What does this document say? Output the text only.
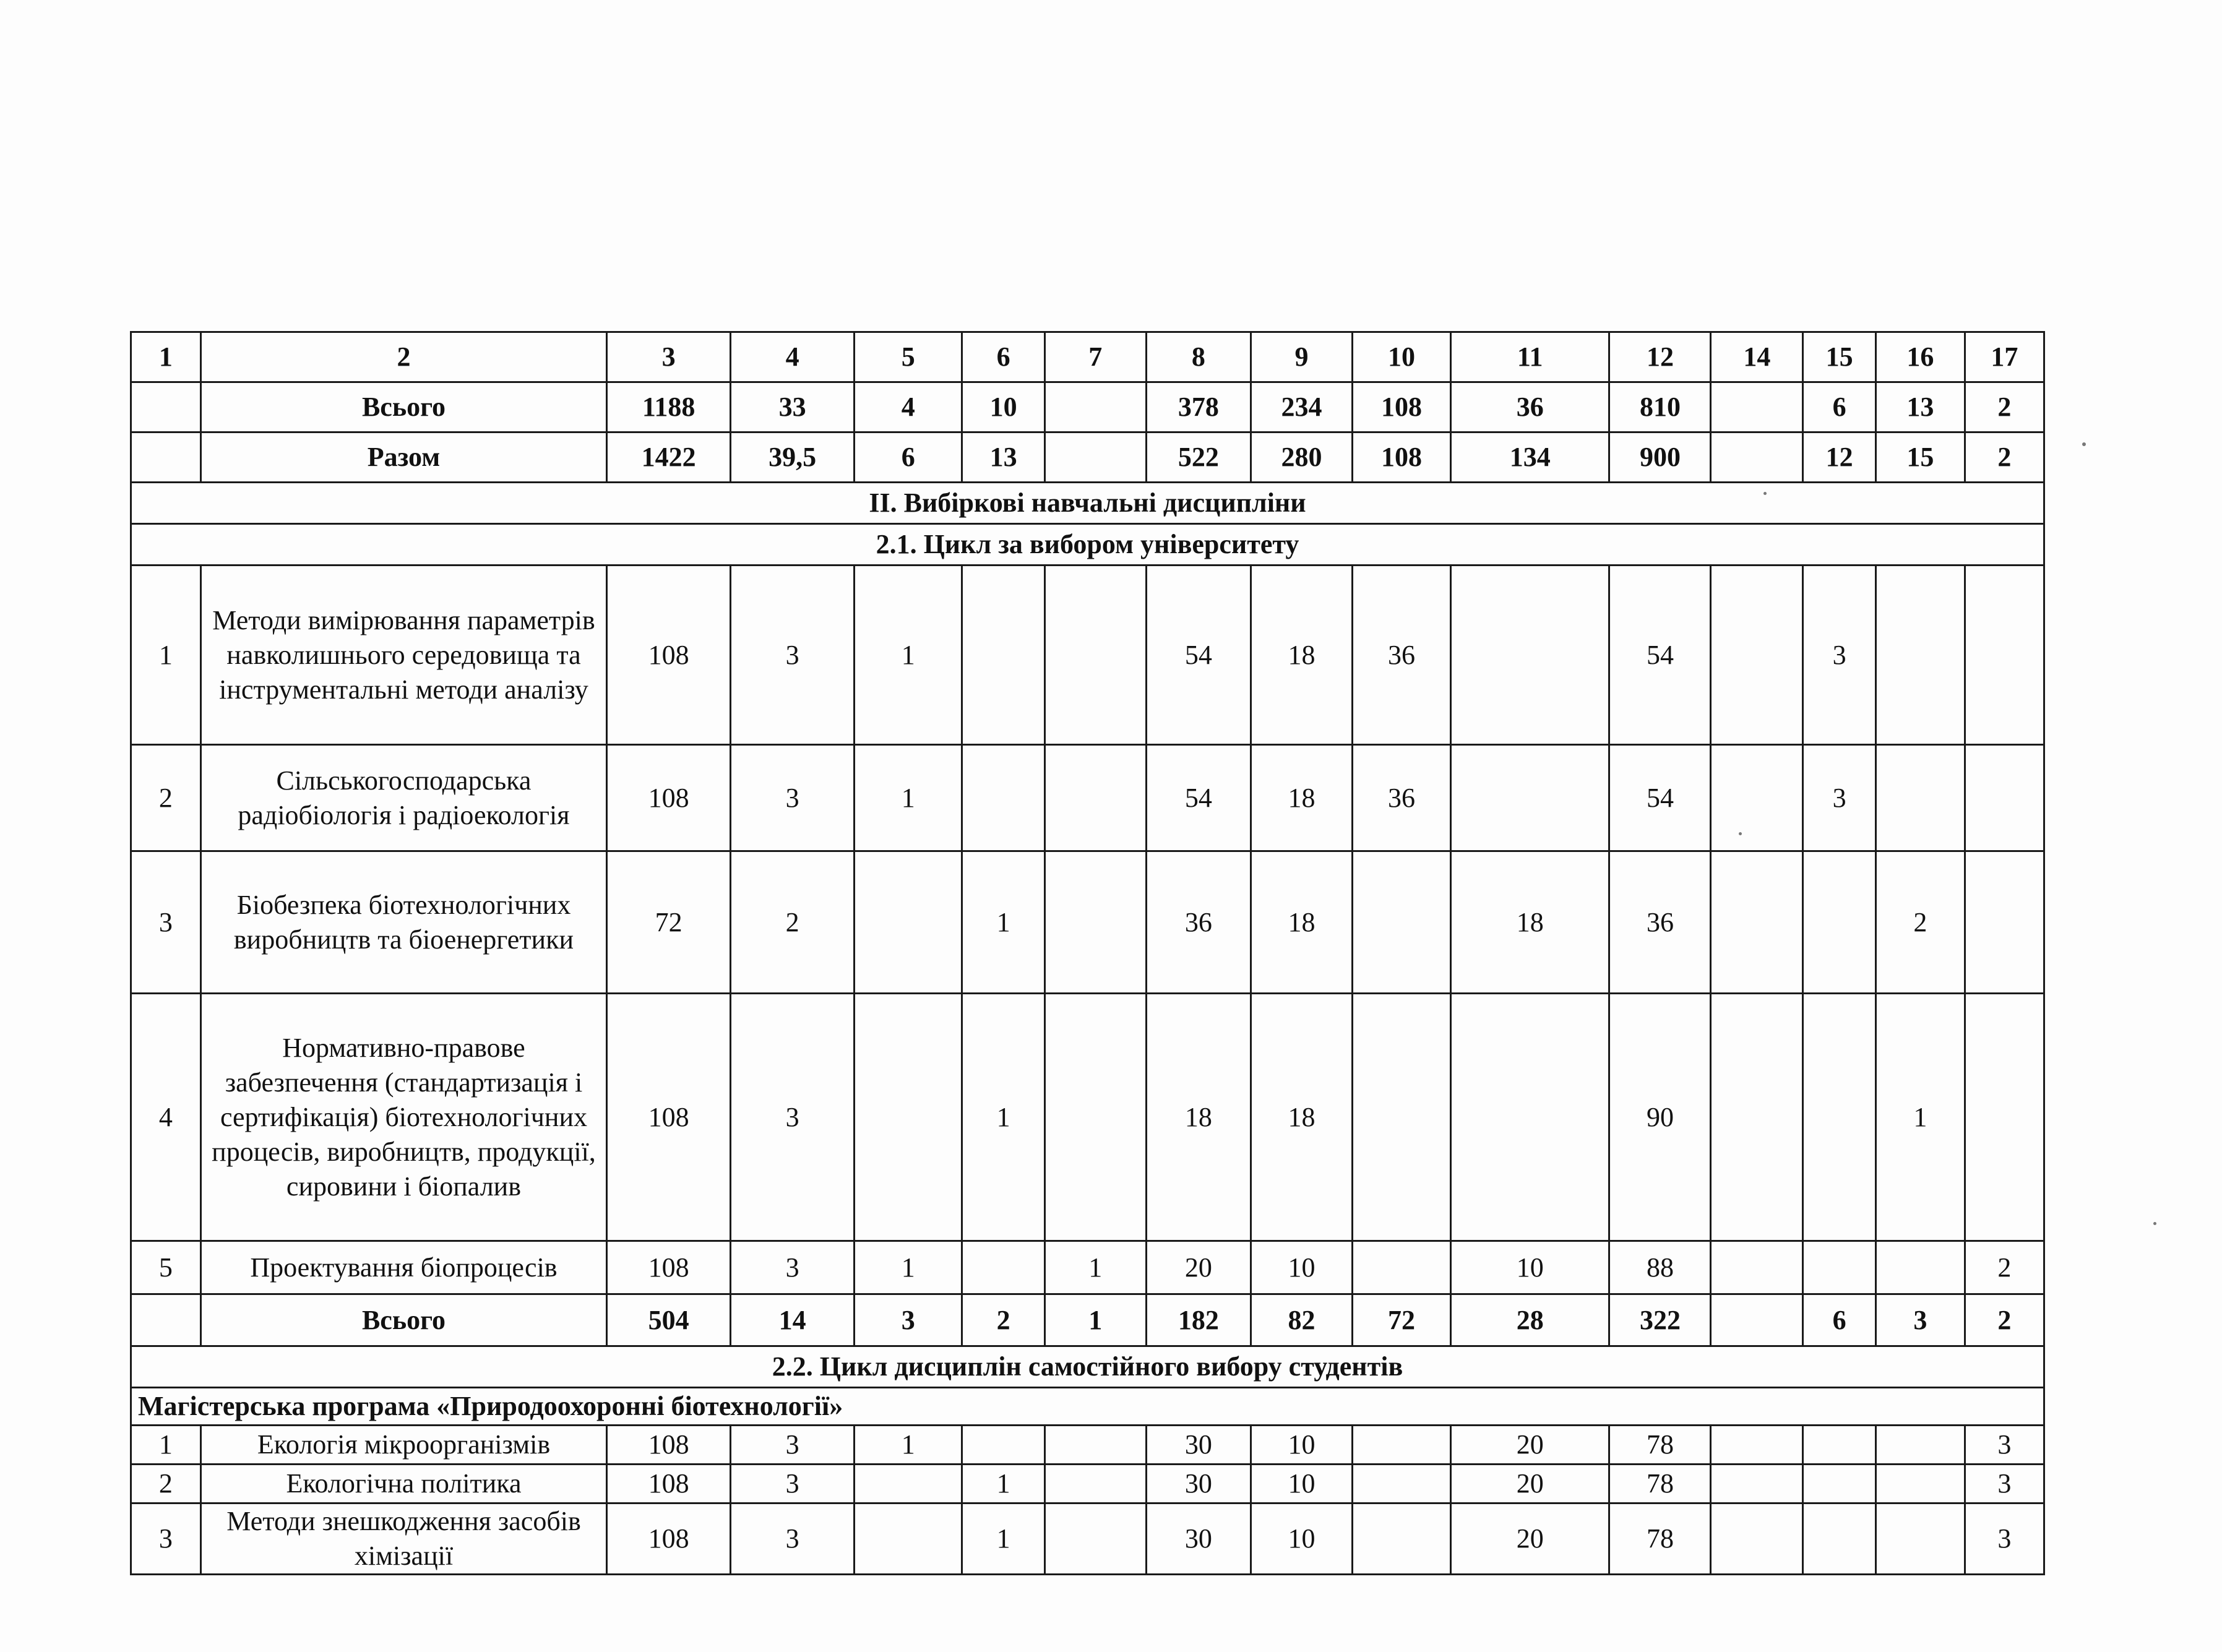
1	2	3	4	5	6	7	8	9	10	11	12	14	15	16	17
	Всього	1188	33	4	10		378	234	108	36	810		6	13	2
	Разом	1422	39,5	6	13		522	280	108	134	900		12	15	2
II. Вибіркові навчальні дисципліни															
2.1. Цикл за вибором університету															
1	Методи вимірювання параметрів навколишнього середовища та інструментальні методи аналізу	108	3	1			54	18	36		54		3		
2	Сільськогосподарська радіобіологія і радіоекологія	108	3	1			54	18	36		54		3		
3	Біобезпека біотехнологічних виробництв та біоенергетики	72	2		1		36	18		18	36			2	
4	Нормативно-правове забезпечення (стандартизація і сертифікація) біотехнологічних процесів, виробництв, продукції, сировини і біопалив	108	3		1		18	18			90			1	
5	Проектування біопроцесів	108	3	1		1	20	10		10	88				2
	Всього	504	14	3	2	1	182	82	72	28	322		6	3	2
2.2. Цикл дисциплін самостійного вибору студентів															
Магістерська програма «Природоохоронні біотехнології»															
1	Екологія мікроорганізмів	108	3	1			30	10		20	78				3
2	Екологічна політика	108	3		1		30	10		20	78				3
3	Методи знешкодження засобів хімізації	108	3		1		30	10		20	78				3
